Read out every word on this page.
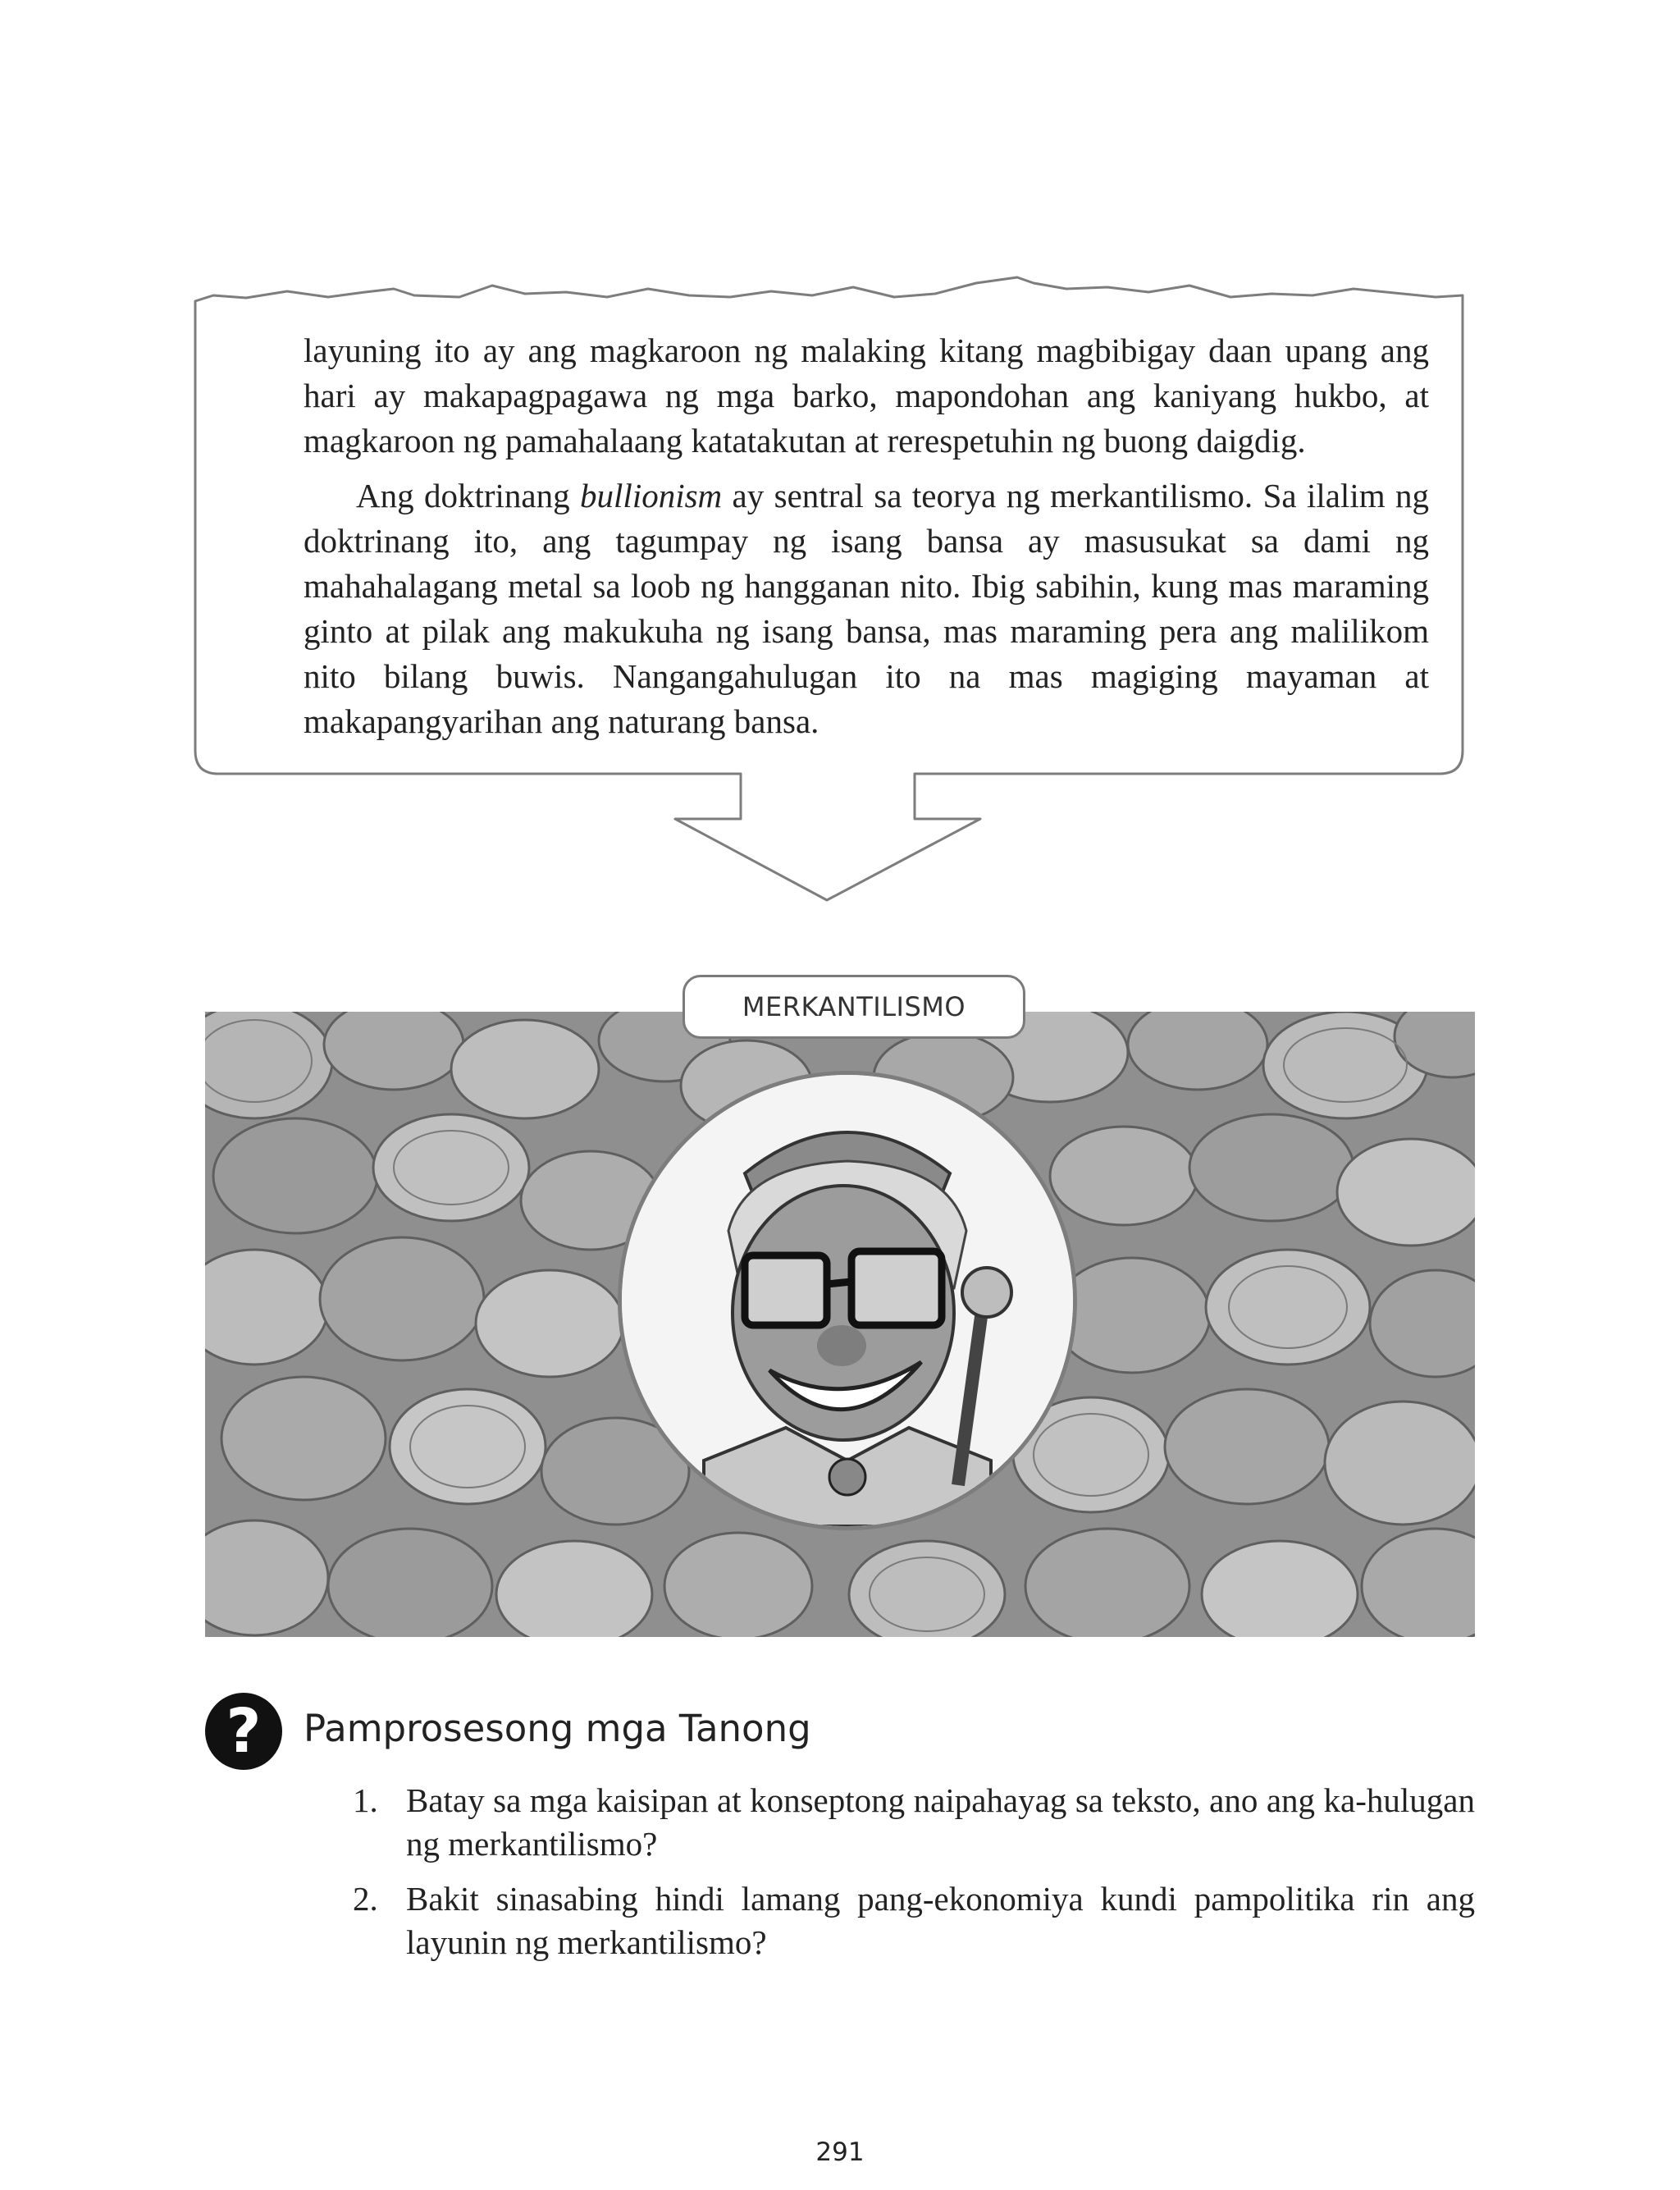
layuning ito ay ang magkaroon ng malaking kitang magbibigay daan upang ang hari ay makapagpagawa ng mga barko, mapondohan ang kaniyang hukbo, at magkaroon ng pamahalaang katatakutan at rerespetuhin ng buong daigdig.

Ang doktrinang bullionism ay sentral sa teorya ng merkantilismo. Sa ilalim ng doktrinang ito, ang tagumpay ng isang bansa ay masusukat sa dami ng mahahalagang metal sa loob ng hangganan nito. Ibig sabihin, kung mas maraming ginto at pilak ang makukuha ng isang bansa, mas maraming pera ang malilikom nito bilang buwis. Nangangahulugan ito na mas magiging mayaman at makapangyarihan ang naturang bansa.

MERKANTILISMO
?	Pamprosesong mga Tanong
1. Batay sa mga kaisipan at konseptong naipahayag sa teksto, ano ang ka-hulugan ng merkantilismo?
2. Bakit sinasabing hindi lamang pang-ekonomiya kundi pampolitika rin ang layunin ng merkantilismo?
291
